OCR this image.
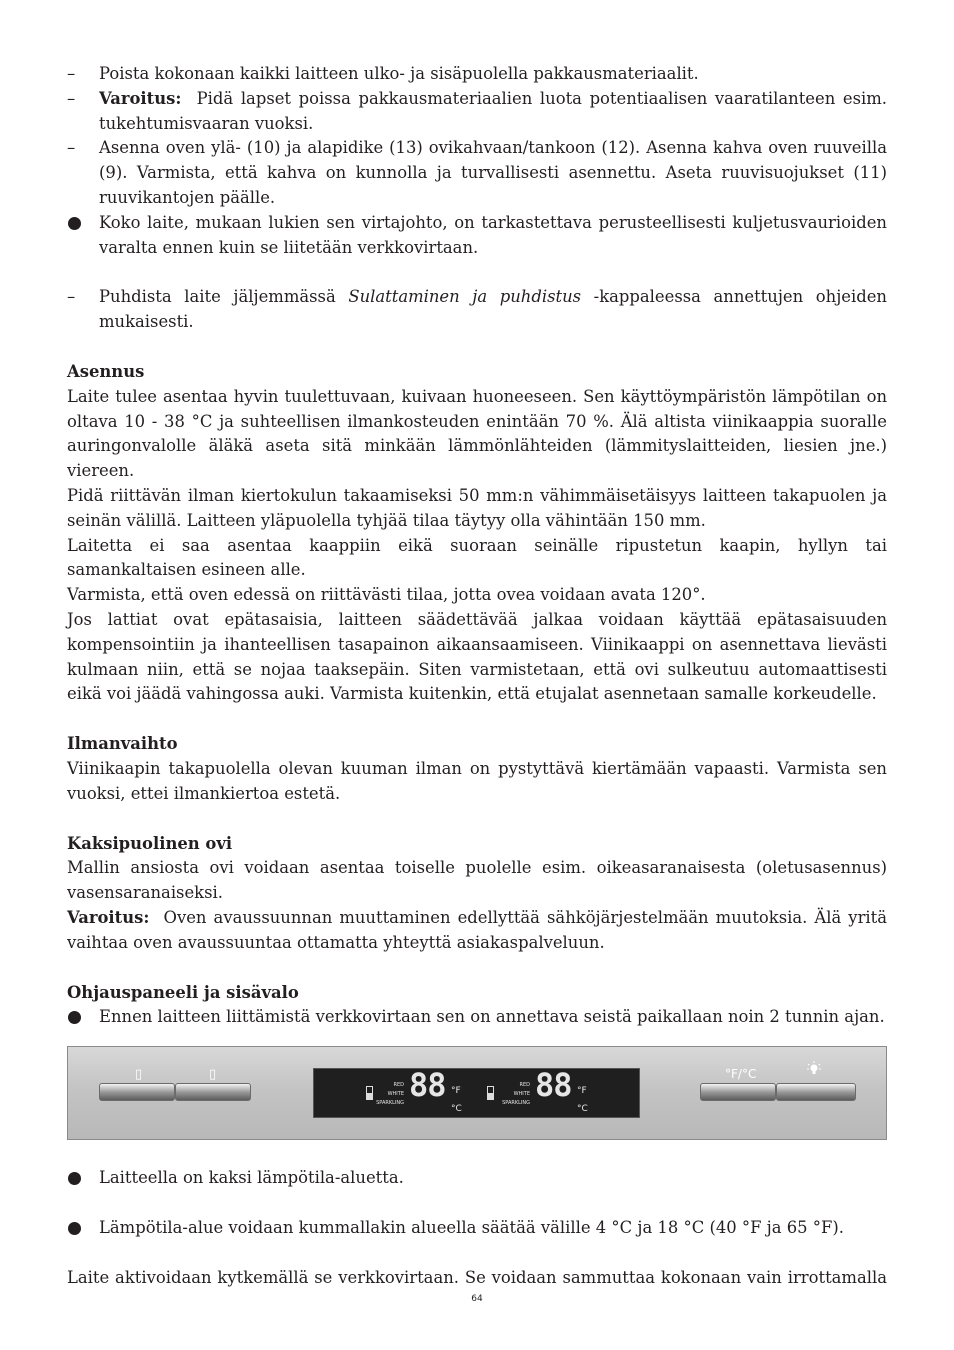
–	Poista kokonaan kaikki laitteen ulko- ja sisäpuolella pakkausmateriaalit.

–	Varoitus: Pidä lapset poissa pakkausmateriaalien luota potentiaalisen vaaratilanteen esim. tukehtumisvaaran vuoksi.

–	Asenna oven ylä- (10) ja alapidike (13) ovikahvaan/tankoon (12). Asenna kahva oven ruuveilla (9). Varmista, että kahva on kunnolla ja turvallisesti asennettu. Aseta ruuvisuojukset (11) ruuvikantojen päälle.

Koko laite, mukaan lukien sen virtajohto, on tarkastettava perusteellisesti kuljetusvaurioiden varalta ennen kuin se liitetään verkkovirtaan.

–	Puhdista laite jäljemmässä Sulattaminen ja puhdistus -kappaleessa annettujen ohjeiden mukaisesti.

Asennus

Laite tulee asentaa hyvin tuulettuvaan, kuivaan huoneeseen. Sen käyttöympäristön lämpötilan on oltava 10 - 38 °C ja suhteellisen ilmankosteuden enintään 70 %. Älä altista viinikaappia suoralle auringonvalolle äläkä aseta sitä minkään lämmönlähteiden (lämmityslaitteiden, liesien jne.) viereen.

Pidä riittävän ilman kiertokulun takaamiseksi 50 mm:n vähimmäisetäisyys laitteen takapuolen ja seinän välillä. Laitteen yläpuolella tyhjää tilaa täytyy olla vähintään 150 mm.

Laitetta ei saa asentaa kaappiin eikä suoraan seinälle ripustetun kaapin, hyllyn tai samankaltaisen esineen alle.

Varmista, että oven edessä on riittävästi tilaa, jotta ovea voidaan avata 120°.

Jos lattiat ovat epätasaisia, laitteen säädettävää jalkaa voidaan käyttää epätasaisuuden kompensointiin ja ihanteellisen tasapainon aikaansaamiseen. Viinikaappi on asennettava lievästi kulmaan niin, että se nojaa taaksepäin. Siten varmistetaan, että ovi sulkeutuu automaattisesti eikä voi jäädä vahingossa auki. Varmista kuitenkin, että etujalat asennetaan samalle korkeudelle.

Ilmanvaihto

Viinikaapin takapuolella olevan kuuman ilman on pystyttävä kiertämään vapaasti. Varmista sen vuoksi, ettei ilmankiertoa estetä.

Kaksipuolinen ovi

Mallin ansiosta ovi voidaan asentaa toiselle puolelle esim. oikeasaranaisesta (oletusasennus) vasensaranaiseksi.

Varoitus: Oven avaussuunnan muuttaminen edellyttää sähköjärjestelmään muutoksia. Älä yritä vaihtaa oven avaussuuntaa ottamatta yhteyttä asiakaspalveluun.

Ohjauspaneeli ja sisävalo

Ennen laitteen liittämistä verkkovirtaan sen on annettava seistä paikallaan noin 2 tunnin ajan.

▯	▯
RED
WHITE
SPARKLING 88 °F
°C
RED
WHITE
SPARKLING 88 °F
°C
°F/°C

Laitteella on kaksi lämpötila-aluetta.

Lämpötila-alue voidaan kummallakin alueella säätää välille 4 °C ja 18 °C (40 °F ja 65 °F).

Laite aktivoidaan kytkemällä se verkkovirtaan. Se voidaan sammuttaa kokonaan vain irrottamalla

64
